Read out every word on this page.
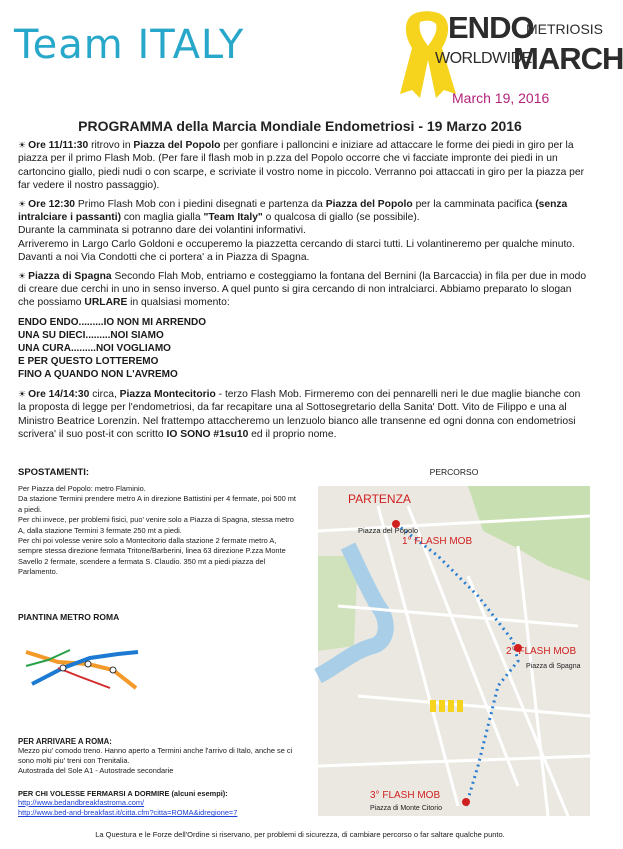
Team ITALY	ENDO
METRIOSIS
WORLDWIDE
MARCH
March 19, 2016
PROGRAMMA della Marcia Mondiale Endometriosi - 19 Marzo 2016

☀ Ore 11/11:30 ritrovo in Piazza del Popolo per gonfiare i palloncini e iniziare ad attaccare le forme dei piedi in giro per la piazza per il primo Flash Mob. (Per fare il flash mob in p.zza del Popolo occorre che vi facciate impronte dei piedi in un cartoncino giallo, piedi nudi o con scarpe, e scriviate il vostro nome in piccolo. Verranno poi attaccati in giro per la piazza per far vedere il nostro passaggio).

☀ Ore 12:30 Primo Flash Mob con i piedini disegnati e partenza da Piazza del Popolo per la camminata pacifica (senza intralciare i passanti) con maglia gialla "Team Italy" o qualcosa di giallo (se possibile).
Durante la camminata si potranno dare dei volantini informativi.
Arriveremo in Largo Carlo Goldoni e occuperemo la piazzetta cercando di starci tutti. Li volantineremo per qualche minuto. Davanti a noi Via Condotti che ci portera' a in Piazza di Spagna.

☀ Piazza di Spagna Secondo Flah Mob, entriamo e costeggiamo la fontana del Bernini (la Barcaccia) in fila per due in modo di creare due cerchi in uno in senso inverso. A quel punto si gira cercando di non intralciarci. Abbiamo preparato lo slogan che possiamo URLARE in qualsiasi momento:

ENDO ENDO.........IO NON MI ARRENDO
UNA SU DIECI.........NOI SIAMO
UNA CURA.........NOI VOGLIAMO
E PER QUESTO LOTTEREMO
FINO A QUANDO NON L'AVREMO

☀ Ore 14/14:30 circa, Piazza Montecitorio - terzo Flash Mob. Firmeremo con dei pennarelli neri le due maglie bianche con la proposta di legge per l'endometriosi, da far recapitare una al Sottosegretario della Sanita' Dott. Vito de Filippo e una al Ministro Beatrice Lorenzin. Nel frattempo attaccheremo un lenzuolo bianco alle transenne ed ogni donna con endometriosi scrivera' il suo post-it con scritto IO SONO #1su10 ed il proprio nome.

SPOSTAMENTI:
Per Piazza del Popolo: metro Flaminio.
Da stazione Termini prendere metro A in direzione Battistini per 4 fermate, poi 500 mt a piedi.
Per chi invece, per problemi fisici, puo' venire solo a Piazza di Spagna, stessa metro A, dalla stazione Termini 3 fermate 250 mt a piedi.
Per chi poi volesse venire solo a Montecitorio dalla stazione 2 fermate metro A, sempre stessa direzione fermata Tritone/Barberini, linea 63 direzione P.zza Monte Savello 2 fermate, scendere a fermata S. Claudio. 350 mt a piedi piazza del Parlamento.
PIANTINA METRO ROMA
PER ARRIVARE A ROMA:
Mezzo piu' comodo treno. Hanno aperto a Termini anche l'arrivo di Italo, anche se ci sono molti piu' treni con Trenitalia.
Autostrada del Sole A1 - Autostrade secondarie
PER CHI VOLESSE FERMARSI A DORMIRE (alcuni esempi):
http://www.bedandbreakfastroma.com/
http://www.bed-and-breakfast.it/citta.cfm?citta=ROMA&idregione=7
PERCORSO
Piazza del Popolo
1° FLASH MOB
2° FLASH MOB
Piazza di Spagna
3° FLASH MOB
Piazza di Monte Citorio
PARTENZA
La Questura e le Forze dell'Ordine si riservano, per problemi di sicurezza, di cambiare percorso o far saltare qualche punto.
